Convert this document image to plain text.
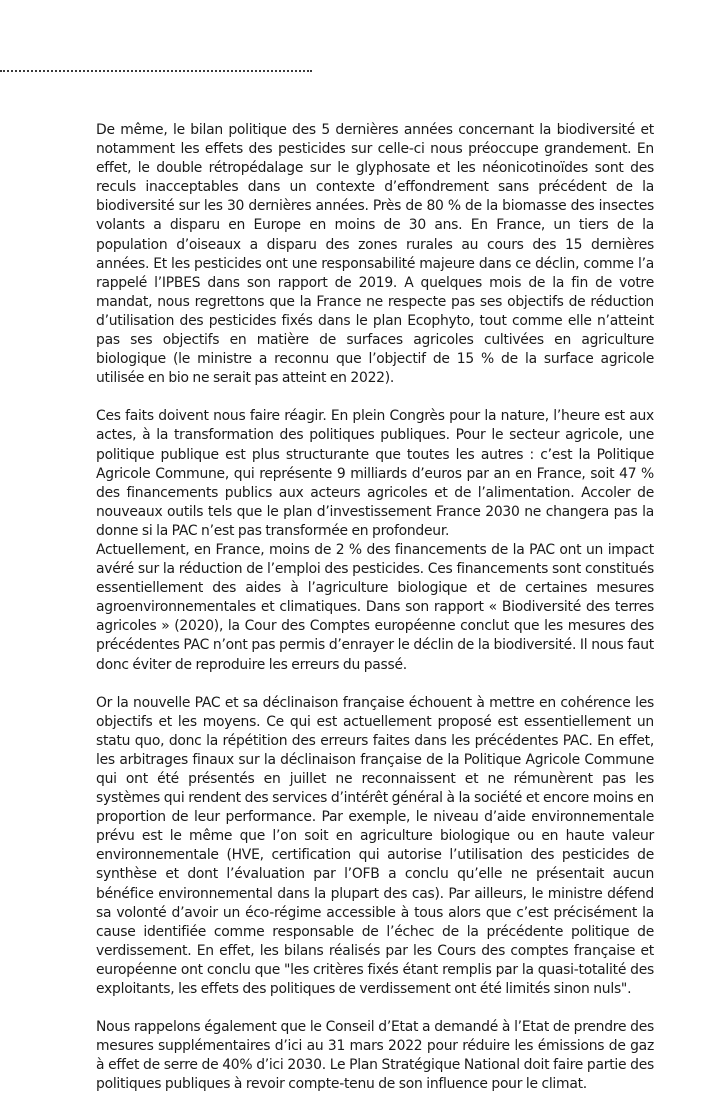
De même, le bilan politique des 5 dernières années concernant la biodiversité et notamment les effets des pesticides sur celle-ci nous préoccupe grandement. En effet, le double rétropédalage sur le glyphosate et les néonicotinoïdes sont des reculs inacceptables dans un contexte d’effondrement sans précédent de la biodiversité sur les 30 dernières années. Près de 80 % de la biomasse des insectes volants a disparu en Europe en moins de 30 ans. En France, un tiers de la population d’oiseaux a disparu des zones rurales au cours des 15 dernières années. Et les pesticides ont une responsabilité majeure dans ce déclin, comme l’a rappelé l’IPBES dans son rapport de 2019. A quelques mois de la fin de votre mandat, nous regrettons que la France ne respecte pas ses objectifs de réduction d’utilisation des pesticides fixés dans le plan Ecophyto, tout comme elle n’atteint pas ses objectifs en matière de surfaces agricoles cultivées en agriculture biologique (le ministre a reconnu que l’objectif de 15 % de la surface agricole utilisée en bio ne serait pas atteint en 2022).

Ces faits doivent nous faire réagir. En plein Congrès pour la nature, l’heure est aux actes, à la transformation des politiques publiques. Pour le secteur agricole, une politique publique est plus structurante que toutes les autres : c’est la Politique Agricole Commune, qui représente 9 milliards d’euros par an en France, soit 47 % des financements publics aux acteurs agricoles et de l’alimentation. Accoler de nouveaux outils tels que le plan d’investissement France 2030 ne changera pas la donne si la PAC n’est pas transformée en profondeur.

Actuellement, en France, moins de 2 % des financements de la PAC ont un impact avéré sur la réduction de l’emploi des pesticides. Ces financements sont constitués essentiellement des aides à l’agriculture biologique et de certaines mesures agroenvironnementales et climatiques. Dans son rapport « Biodiversité des terres agricoles » (2020), la Cour des Comptes européenne conclut que les mesures des précédentes PAC n’ont pas permis d’enrayer le déclin de la biodiversité. Il nous faut donc éviter de reproduire les erreurs du passé.

Or la nouvelle PAC et sa déclinaison française échouent à mettre en cohérence les objectifs et les moyens. Ce qui est actuellement proposé est essentiellement un statu quo, donc la répétition des erreurs faites dans les précédentes PAC. En effet, les arbitrages finaux sur la déclinaison française de la Politique Agricole Commune qui ont été présentés en juillet ne reconnaissent et ne rémunèrent pas les systèmes qui rendent des services d’intérêt général à la société et encore moins en proportion de leur performance. Par exemple, le niveau d’aide environnementale prévu est le même que l’on soit en agriculture biologique ou en haute valeur environnementale (HVE, certification qui autorise l’utilisation des pesticides de synthèse et dont l’évaluation par l’OFB a conclu qu’elle ne présentait aucun bénéfice environnemental dans la plupart des cas). Par ailleurs, le ministre défend sa volonté d’avoir un éco-régime accessible à tous alors que c’est précisément la cause identifiée comme responsable de l’échec de la précédente politique de verdissement. En effet, les bilans réalisés par les Cours des comptes française et européenne ont conclu que "les critères fixés étant remplis par la quasi-totalité des exploitants, les effets des politiques de verdissement ont été limités sinon nuls".

Nous rappelons également que le Conseil d’Etat a demandé à l’Etat de prendre des mesures supplémentaires d’ici au 31 mars 2022 pour réduire les émissions de gaz à effet de serre de 40% d’ici 2030. Le Plan Stratégique National doit faire partie des politiques publiques à revoir compte-tenu de son influence pour le climat.
